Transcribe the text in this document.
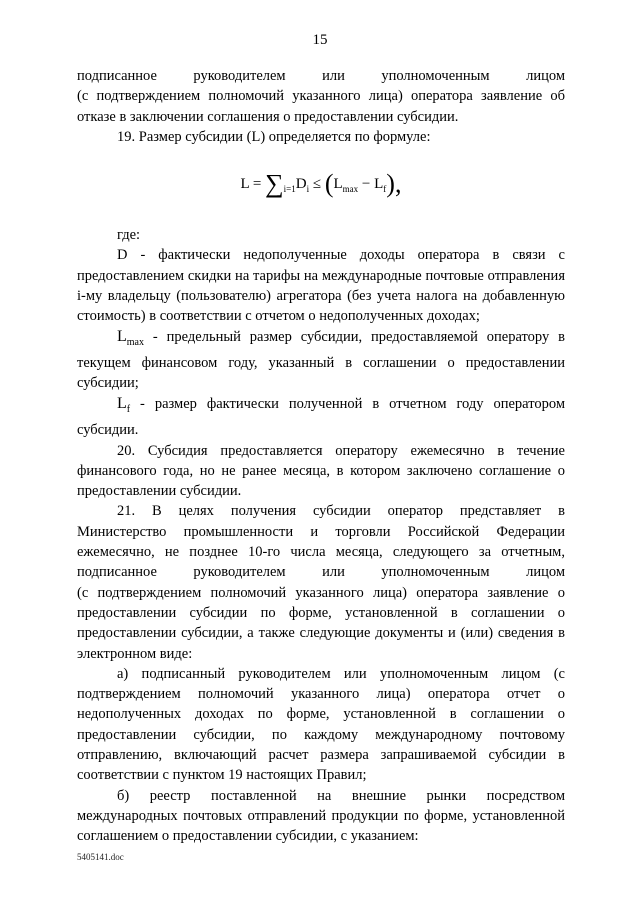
15

подписанное руководителем или уполномоченным лицом

(с подтверждением полномочий указанного лица) оператора заявление об отказе в заключении соглашения о предоставлении субсидии.

19. Размер субсидии (L) определяется по формуле:

$L = \sum_{i=1}D_i \le (L_{max} - L_f)$,

где:

D - фактически недополученные доходы оператора в связи с предоставлением скидки на тарифы на международные почтовые отправления i-му владельцу (пользователю) агрегатора (без учета налога на добавленную стоимость) в соответствии с отчетом о недополученных доходах;

$L_{max}$ - предельный размер субсидии, предоставляемой оператору в текущем финансовом году, указанный в соглашении о предоставлении субсидии;

$L_f$ - размер фактически полученной в отчетном году оператором субсидии.

20. Субсидия предоставляется оператору ежемесячно в течение финансового года, но не ранее месяца, в котором заключено соглашение о предоставлении субсидии.

21. В целях получения субсидии оператор представляет в Министерство промышленности и торговли Российской Федерации ежемесячно, не позднее 10-го числа месяца, следующего за отчетным,

подписанное руководителем или уполномоченным лицом

(с подтверждением полномочий указанного лица) оператора заявление о предоставлении субсидии по форме, установленной в соглашении о предоставлении субсидии, а также следующие документы и (или) сведения в электронном виде:

а) подписанный руководителем или уполномоченным лицом (с подтверждением полномочий указанного лица) оператора отчет о недополученных доходах по форме, установленной в соглашении о предоставлении субсидии, по каждому международному почтовому отправлению, включающий расчет размера запрашиваемой субсидии в соответствии с пунктом 19 настоящих Правил;

б) реестр поставленной на внешние рынки посредством международных почтовых отправлений продукции по форме, установленной соглашением о предоставлении субсидии, с указанием:

5405141.doc
